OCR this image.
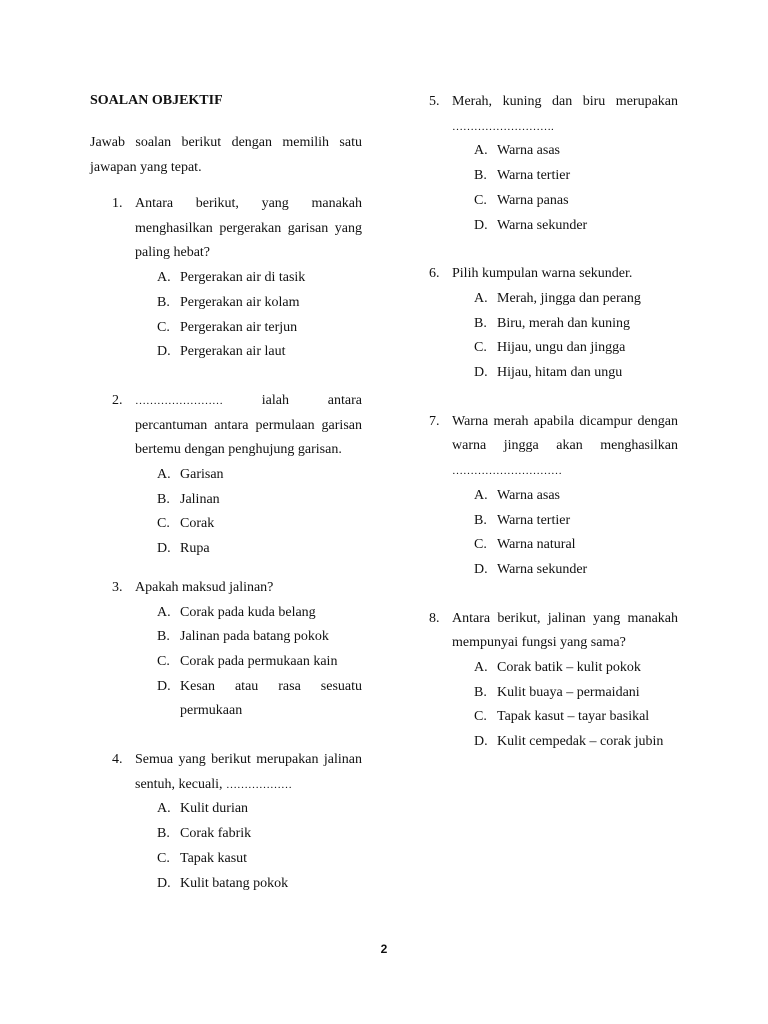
SOALAN OBJEKTIF
Jawab soalan berikut dengan memilih satu jawapan yang tepat.
1. Antara berikut, yang manakah menghasilkan pergerakan garisan yang paling hebat?
A. Pergerakan air di tasik
B. Pergerakan air kolam
C. Pergerakan air terjun
D. Pergerakan air laut
2.	…………………… ialah antara percantuman antara permulaan garisan bertemu dengan penghujung garisan.
A. Garisan
B. Jalinan
C. Corak
D. Rupa
3. Apakah maksud jalinan?
A. Corak pada kuda belang
B. Jalinan pada batang pokok
C. Corak pada permukaan kain
D. Kesan atau rasa sesuatu permukaan
4. Semua yang berikut merupakan jalinan sentuh, kecuali, ………………
A. Kulit durian
B. Corak fabrik
C. Tapak kasut
D. Kulit batang pokok
5. Merah, kuning dan biru merupakan ……………………….
A. Warna asas
B. Warna tertier
C. Warna panas
D. Warna sekunder
6. Pilih kumpulan warna sekunder.
A. Merah, jingga dan perang
B. Biru, merah dan kuning
C. Hijau, ungu dan jingga
D. Hijau, hitam dan ungu
7. Warna merah apabila dicampur dengan warna jingga akan menghasilkan …………………………
A. Warna asas
B. Warna tertier
C. Warna natural
D. Warna sekunder
8. Antara berikut, jalinan yang manakah mempunyai fungsi yang sama?
A. Corak batik – kulit pokok
B. Kulit buaya – permaidani
C. Tapak kasut – tayar basikal
D. Kulit cempedak – corak jubin
2
